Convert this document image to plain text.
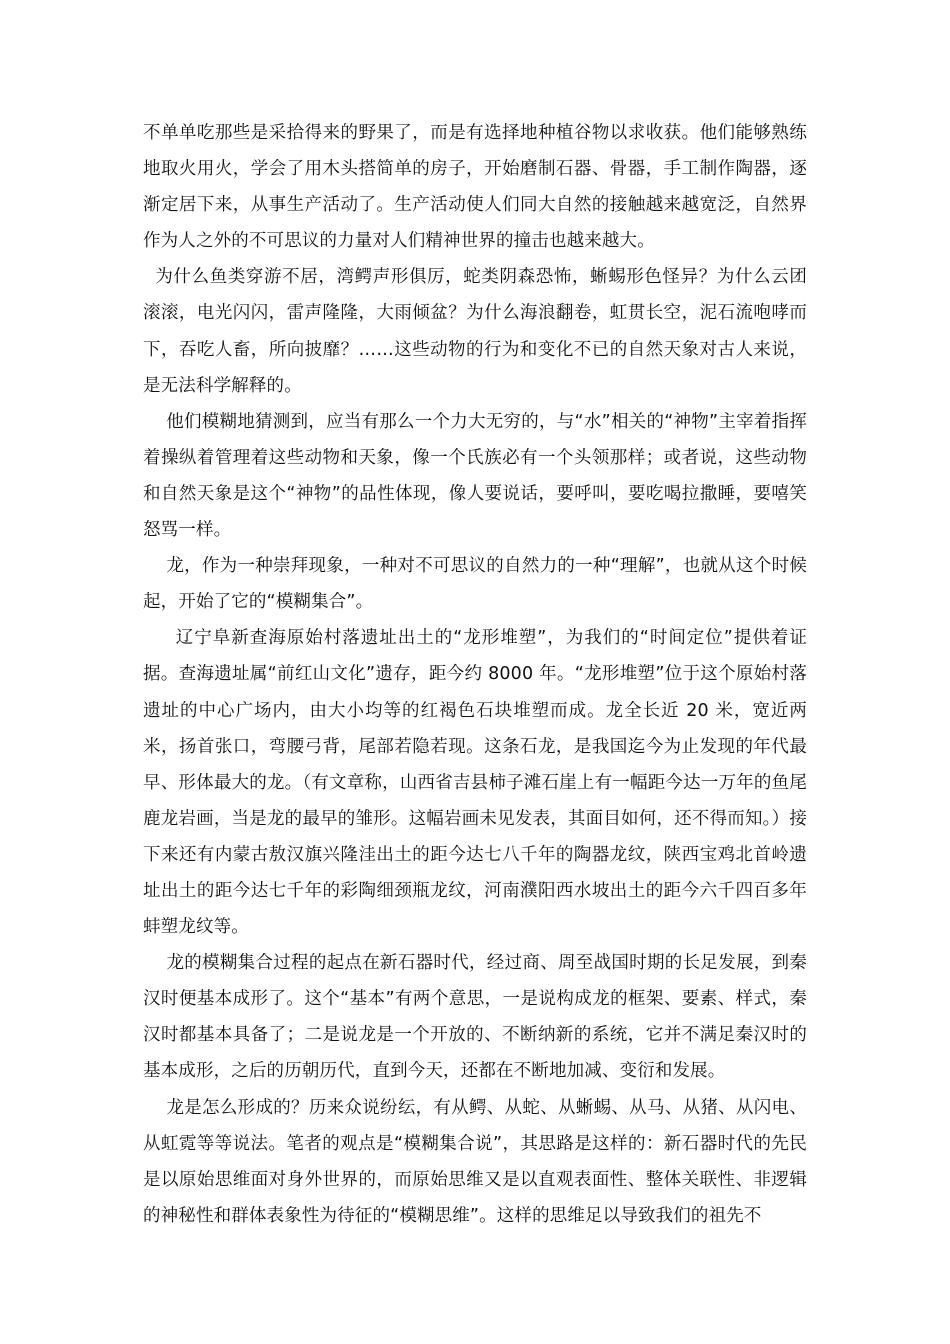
不单单吃那些是采拾得来的野果了，而是有选择地种植谷物以求收获。他们能够熟练地取火用火，学会了用木头搭简单的房子，开始磨制石器、骨器，手工制作陶器，逐渐定居下来，从事生产活动了。生产活动使人们同大自然的接触越来越宽泛，自然界作为人之外的不可思议的力量对人们精神世界的撞击也越来越大。

为什么鱼类穿游不居，湾鳄声形俱厉，蛇类阴森恐怖，蜥蜴形色怪异？为什么云团滚滚，电光闪闪，雷声隆隆，大雨倾盆？为什么海浪翻卷，虹贯长空，泥石流咆哮而下，吞吃人畜，所向披靡？……这些动物的行为和变化不已的自然天象对古人来说，是无法科学解释的。

他们模糊地猜测到，应当有那么一个力大无穷的，与“水”相关的“神物”主宰着指挥着操纵着管理着这些动物和天象，像一个氏族必有一个头领那样；或者说，这些动物和自然天象是这个“神物”的品性体现，像人要说话，要呼叫，要吃喝拉撒睡，要嘻笑怒骂一样。

龙，作为一种崇拜现象，一种对不可思议的自然力的一种“理解”，也就从这个时候起，开始了它的“模糊集合”。

辽宁阜新查海原始村落遗址出土的“龙形堆塑”，为我们的“时间定位”提供着证据。查海遗址属“前红山文化”遗存，距今约 8000 年。“龙形堆塑”位于这个原始村落遗址的中心广场内，由大小均等的红褐色石块堆塑而成。龙全长近 20 米，宽近两米，扬首张口，弯腰弓背，尾部若隐若现。这条石龙，是我国迄今为止发现的年代最早、形体最大的龙。（有文章称，山西省吉县柿子滩石崖上有一幅距今达一万年的鱼尾鹿龙岩画，当是龙的最早的雏形。这幅岩画未见发表，其面目如何，还不得而知。）接下来还有内蒙古敖汉旗兴隆洼出土的距今达七八千年的陶器龙纹，陕西宝鸡北首岭遗址出土的距今达七千年的彩陶细颈瓶龙纹，河南濮阳西水坡出土的距今六千四百多年蚌塑龙纹等。

龙的模糊集合过程的起点在新石器时代，经过商、周至战国时期的长足发展，到秦汉时便基本成形了。这个“基本”有两个意思，一是说构成龙的框架、要素、样式，秦汉时都基本具备了；二是说龙是一个开放的、不断纳新的系统，它并不满足秦汉时的基本成形，之后的历朝历代，直到今天，还都在不断地加减、变衍和发展。

龙是怎么形成的？历来众说纷纭，有从鳄、从蛇、从蜥蜴、从马、从猪、从闪电、从虹霓等等说法。笔者的观点是“模糊集合说”，其思路是这样的：新石器时代的先民是以原始思维面对身外世界的，而原始思维又是以直观表面性、整体关联性、非逻辑的神秘性和群体表象性为待征的“模糊思维”。这样的思维足以导致我们的祖先不
